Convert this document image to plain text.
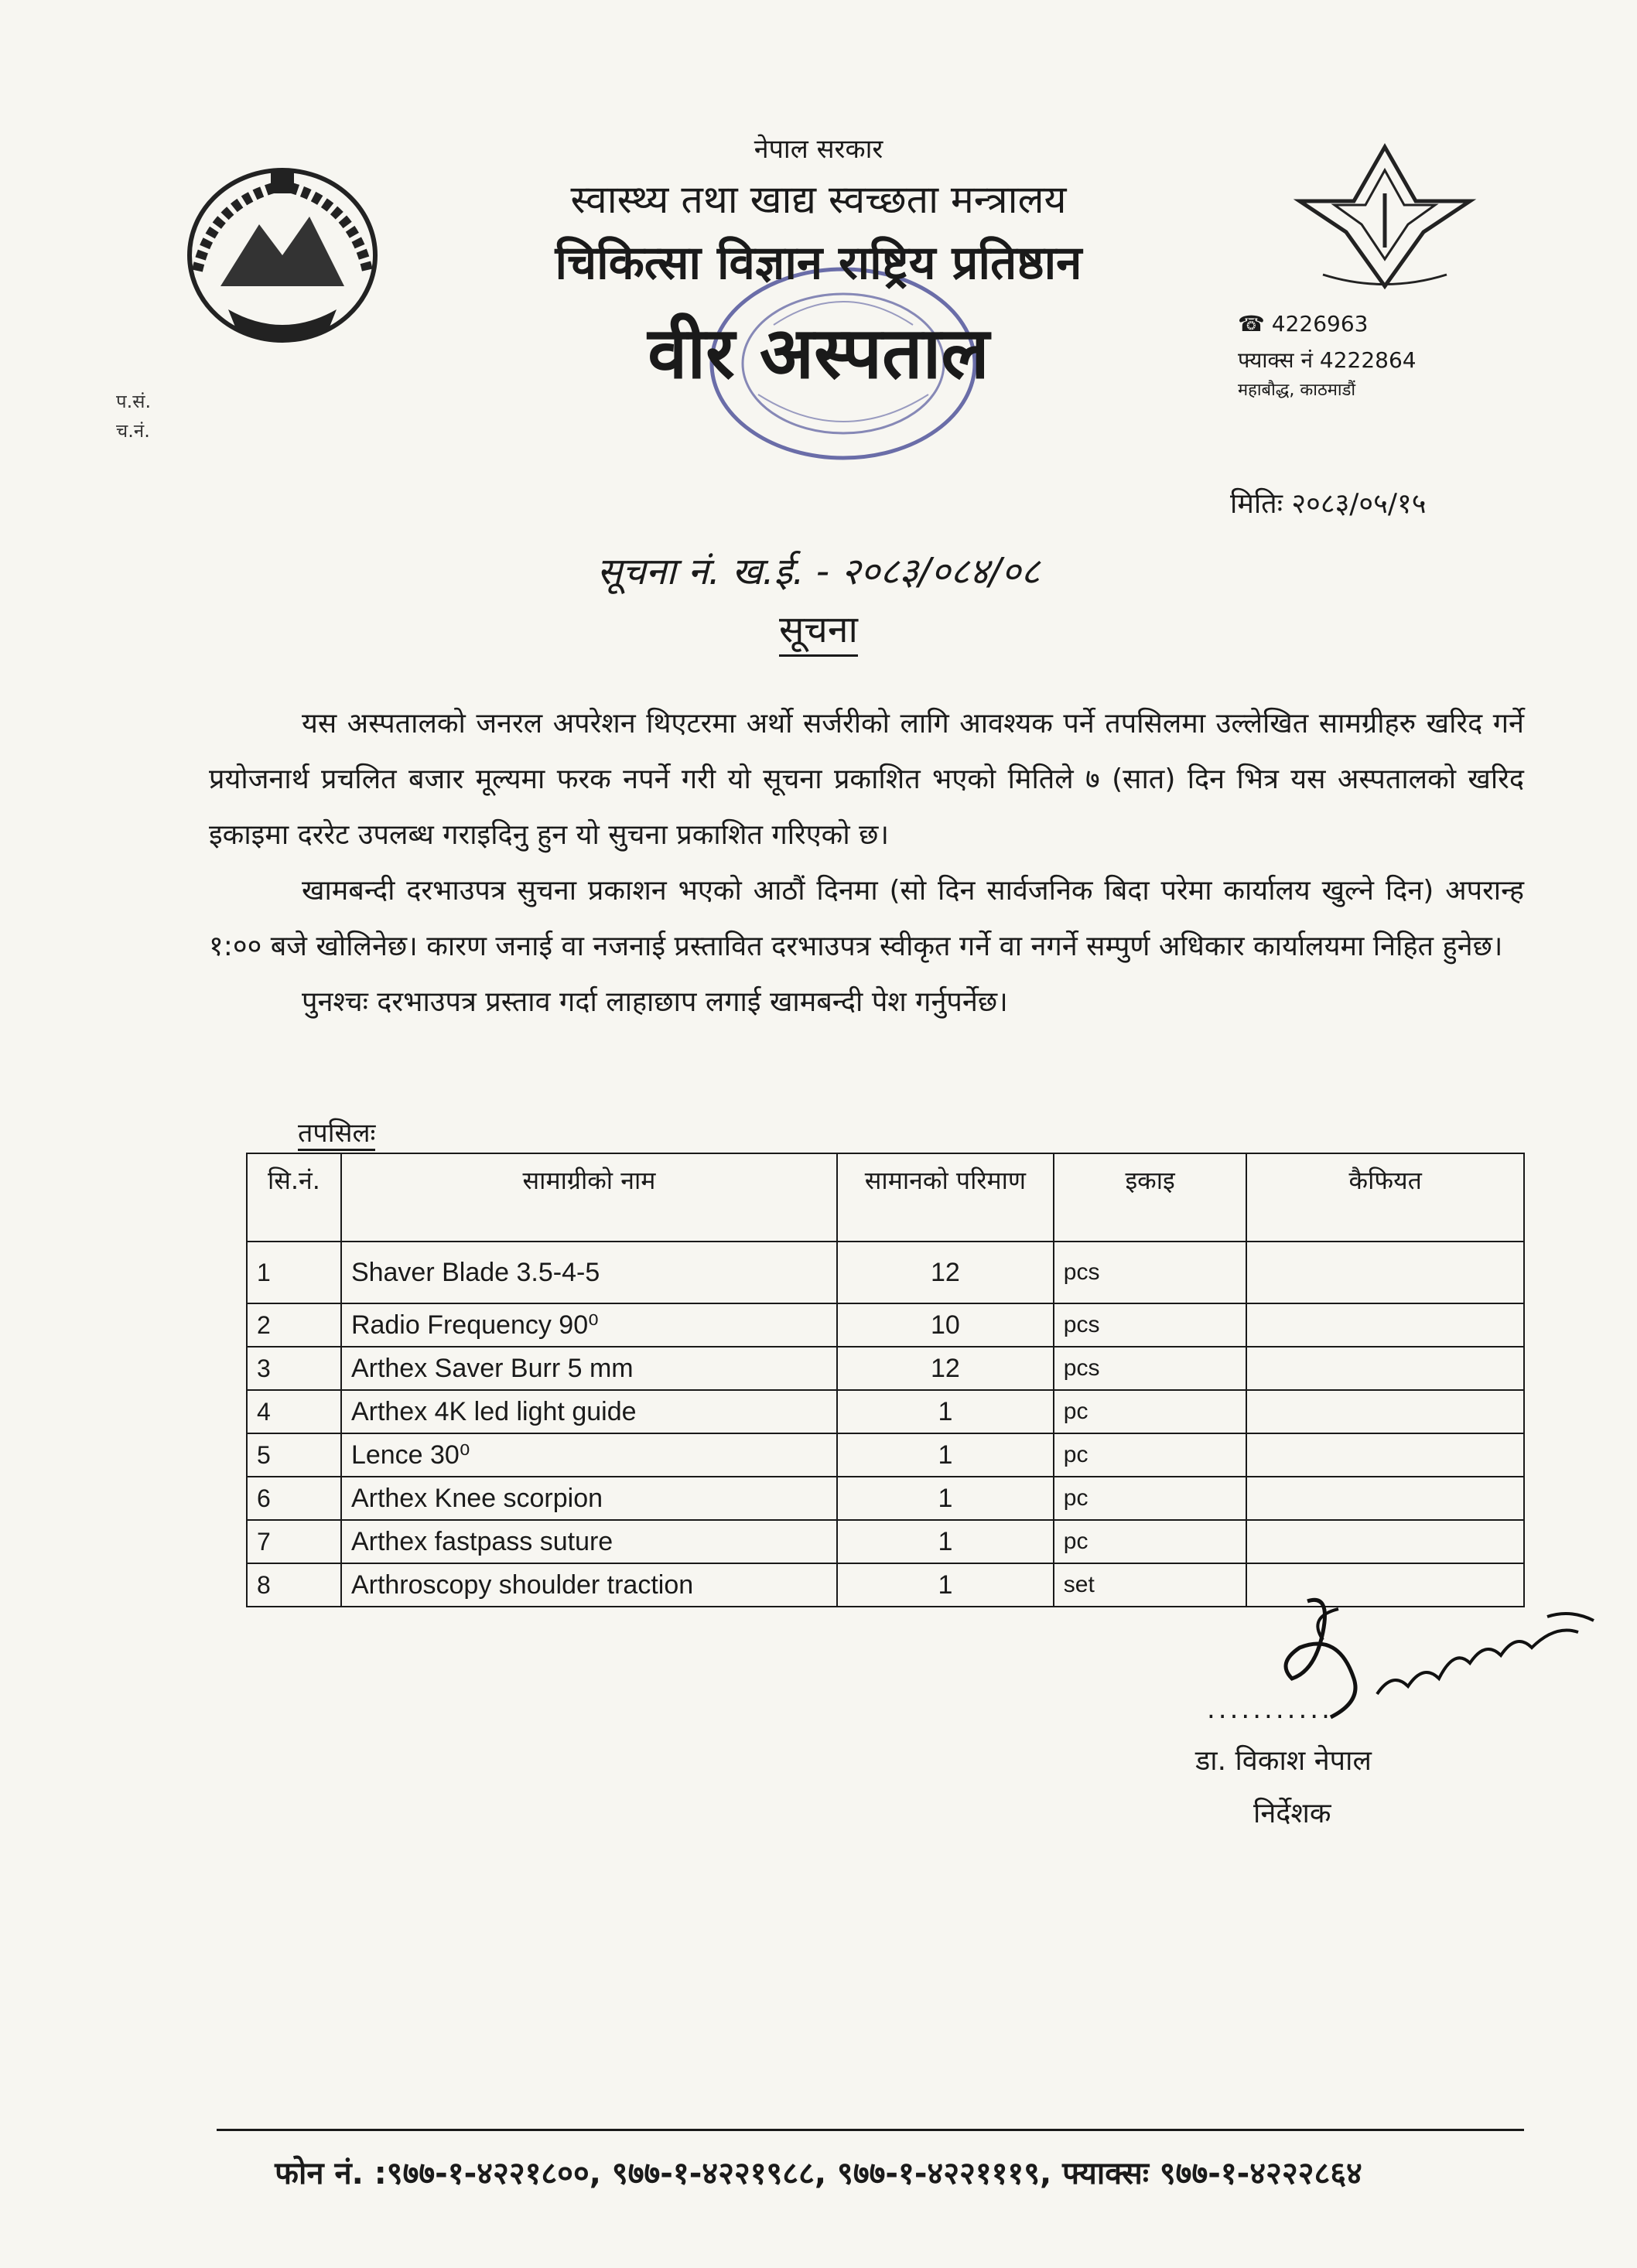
नेपाल सरकार
स्वास्थ्य तथा खाद्य स्वच्छता मन्त्रालय
चिकित्सा विज्ञान राष्ट्रिय प्रतिष्ठान
वीर अस्पताल	☎ 4226963
फ्याक्स नं 4222864
महाबौद्ध, काठमाडौं
प.सं.
च.नं.
मितिः २०८३/०५/१५
सूचना नं. ख.ई. - २०८३/०८४/०८
सूचना

यस अस्पतालको जनरल अपरेशन थिएटरमा अर्थो सर्जरीको लागि आवश्यक पर्ने तपसिलमा उल्लेखित सामग्रीहरु खरिद गर्ने प्रयोजनार्थ प्रचलित बजार मूल्यमा फरक नपर्ने गरी यो सूचना प्रकाशित भएको मितिले ७ (सात) दिन भित्र यस अस्पतालको खरिद इकाइमा दररेट उपलब्ध गराइदिनु हुन यो सुचना प्रकाशित गरिएको छ।

खामबन्दी दरभाउपत्र सुचना प्रकाशन भएको आठौं दिनमा (सो दिन सार्वजनिक बिदा परेमा कार्यालय खुल्ने दिन) अपरान्ह १:०० बजे खोलिनेछ। कारण जनाई वा नजनाई प्रस्तावित दरभाउपत्र स्वीकृत गर्ने वा नगर्ने सम्पुर्ण अधिकार कार्यालयमा निहित हुनेछ।

पुनश्चः दरभाउपत्र प्रस्ताव गर्दा लाहाछाप लगाई खामबन्दी पेश गर्नुपर्नेछ।

तपसिलः
सि.नं.	सामाग्रीको नाम	सामानको परिमाण	इकाइ	कैफियत
1	Shaver Blade 3.5-4-5	12	pcs	
2	Radio Frequency 90⁰	10	pcs	
3	Arthex Saver Burr 5 mm	12	pcs	
4	Arthex 4K led light guide	1	pc	
5	Lence 30⁰	1	pc	
6	Arthex Knee scorpion	1	pc	
7	Arthex fastpass suture	1	pc	
8	Arthroscopy shoulder traction	1	set	
...........
डा. विकाश नेपाल
निर्देशक
फोन नं. :९७७-१-४२२१८००, ९७७-१-४२२१९८८, ९७७-१-४२२१११९, फ्याक्सः ९७७-१-४२२२८६४
